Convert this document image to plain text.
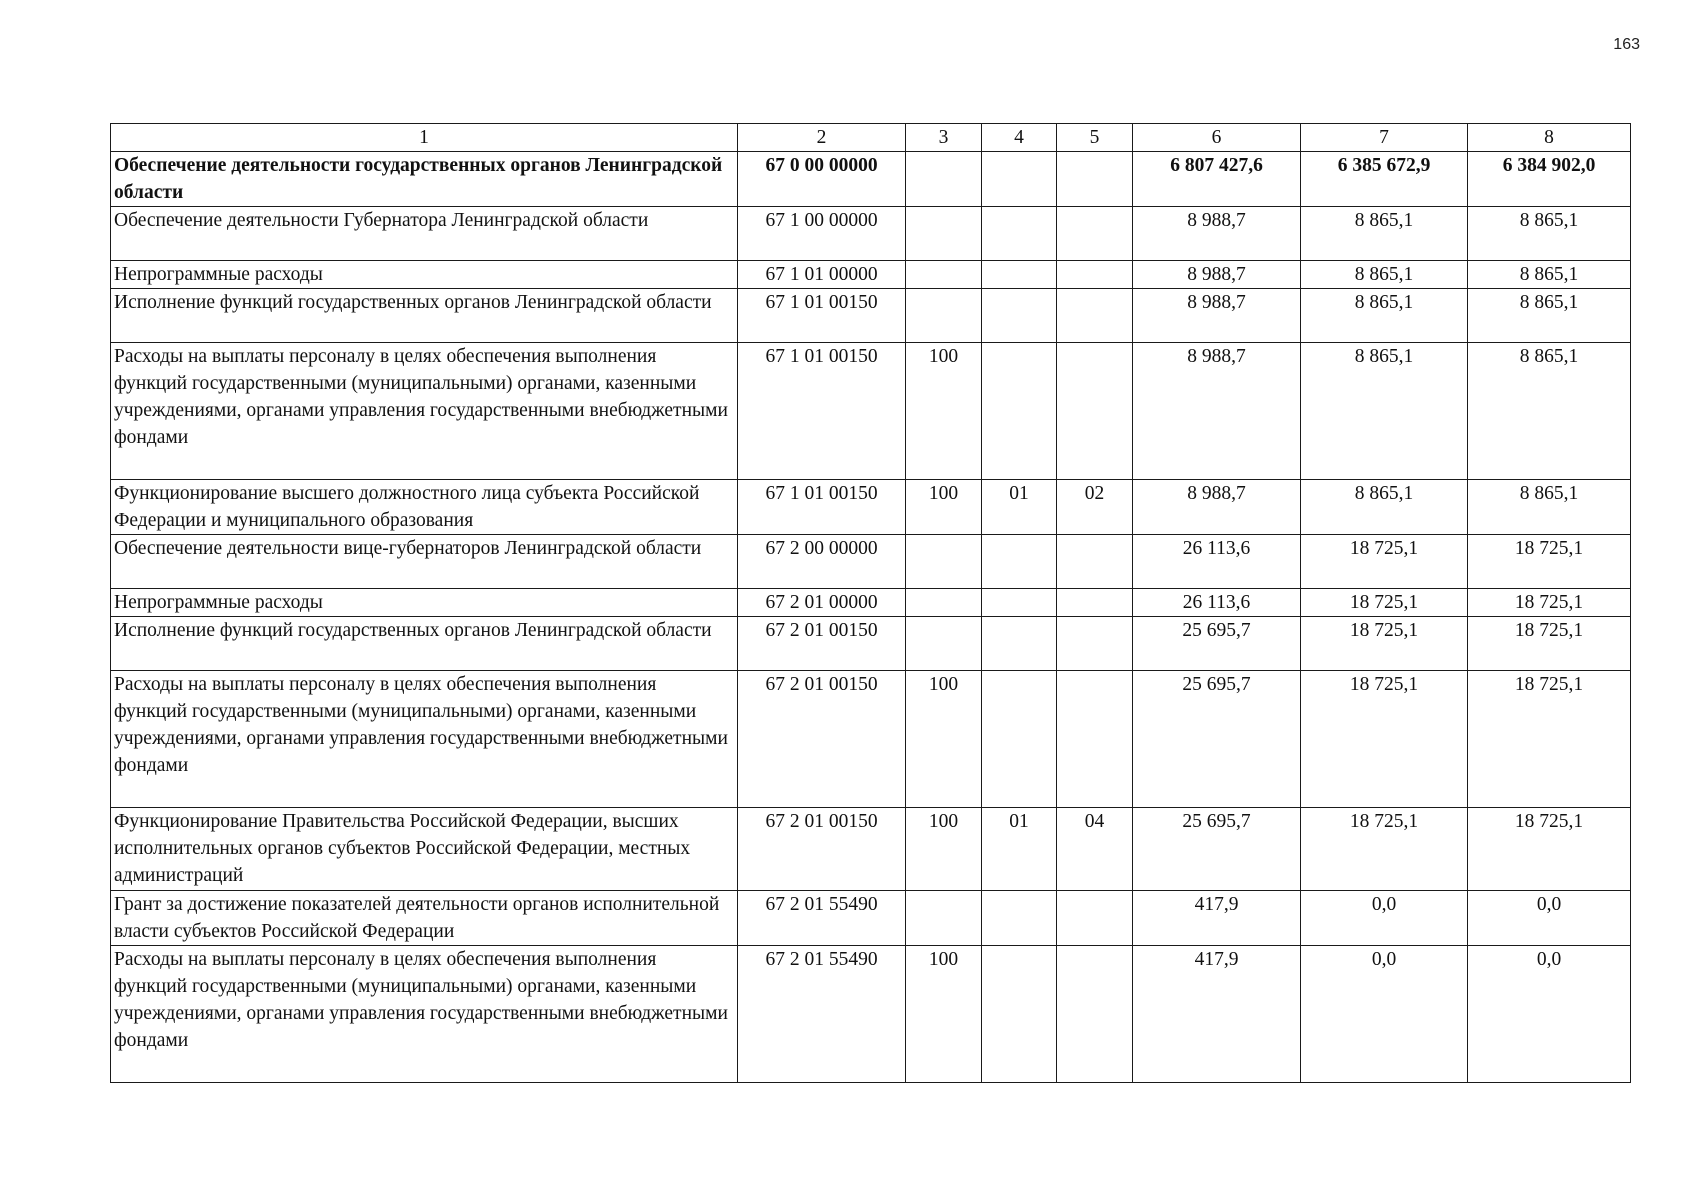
163
1	2	3	4	5	6	7	8
Обеспечение деятельности государственных органов Ленинградской области	67 0 00 00000				6 807 427,6	6 385 672,9	6 384 902,0
Обеспечение деятельности Губернатора Ленинградской области	67 1 00 00000				8 988,7	8 865,1	8 865,1
Непрограммные расходы	67 1 01 00000				8 988,7	8 865,1	8 865,1
Исполнение функций государственных органов Ленинградской области	67 1 01 00150				8 988,7	8 865,1	8 865,1
Расходы на выплаты персоналу в целях обеспечения выполнения функций государственными (муниципальными) органами, казенными учреждениями, органами управления государственными внебюджетными фондами	67 1 01 00150	100			8 988,7	8 865,1	8 865,1
Функционирование высшего должностного лица субъекта Российской Федерации и муниципального образования	67 1 01 00150	100	01	02	8 988,7	8 865,1	8 865,1
Обеспечение деятельности вице-губернаторов Ленинградской области	67 2 00 00000				26 113,6	18 725,1	18 725,1
Непрограммные расходы	67 2 01 00000				26 113,6	18 725,1	18 725,1
Исполнение функций государственных органов Ленинградской области	67 2 01 00150				25 695,7	18 725,1	18 725,1
Расходы на выплаты персоналу в целях обеспечения выполнения функций государственными (муниципальными) органами, казенными учреждениями, органами управления государственными внебюджетными фондами	67 2 01 00150	100			25 695,7	18 725,1	18 725,1
Функционирование Правительства Российской Федерации, высших исполнительных органов субъектов Российской Федерации, местных администраций	67 2 01 00150	100	01	04	25 695,7	18 725,1	18 725,1
Грант за достижение показателей деятельности органов исполнительной власти субъектов Российской Федерации	67 2 01 55490				417,9	0,0	0,0
Расходы на выплаты персоналу в целях обеспечения выполнения функций государственными (муниципальными) органами, казенными учреждениями, органами управления государственными внебюджетными фондами	67 2 01 55490	100			417,9	0,0	0,0
